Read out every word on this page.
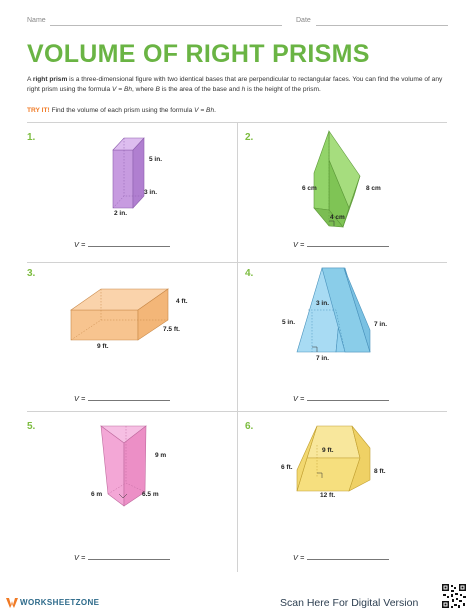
Name	Date
VOLUME OF RIGHT PRISMS
A right prism is a three-dimensional figure with two identical bases that are perpendicular to rectangular faces. You can find the volume of any right prism using the formula V = Bh, where B is the area of the base and h is the height of the prism.
TRY IT! Find the volume of each prism using the formula V = Bh.
1.	2.
3.	4.
5.	6.
5 in.
3 in.
2 in.
6 cm	8 cm
4 cm
4 ft.
7.5 ft.
9 ft.
3 in.
5 in.	7 in.
7 in.
9 m
6 m	6.5 m
9 ft.
6 ft.
8 ft.
12 ft.
V =	V =
V =	V =
V =	V =
WORKSHEETZONE	Scan Here For Digital Version
